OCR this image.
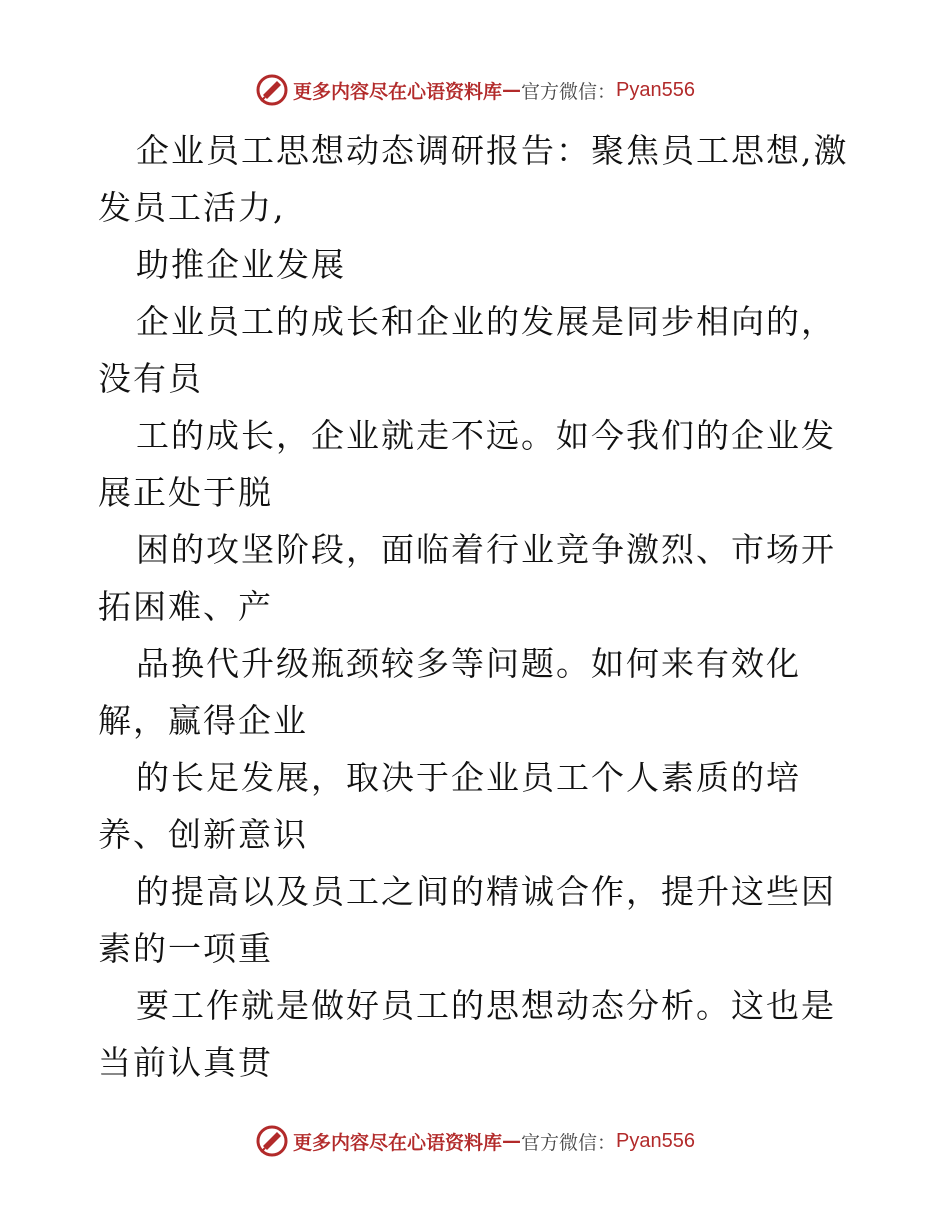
更多内容尽在心语资料库 — 官方微信： Pyan556

企业员工思想动态调研报告：聚焦员工思想,激发员工活力,

助推企业发展

企业员工的成长和企业的发展是同步相向的，没有员

工的成长，企业就走不远。如今我们的企业发展正处于脱

困的攻坚阶段，面临着行业竞争激烈、市场开拓困难、产

品换代升级瓶颈较多等问题。如何来有效化解，赢得企业

的长足发展，取决于企业员工个人素质的培养、创新意识

的提高以及员工之间的精诚合作，提升这些因素的一项重

要工作就是做好员工的思想动态分析。这也是当前认真贯

更多内容尽在心语资料库 — 官方微信： Pyan556
